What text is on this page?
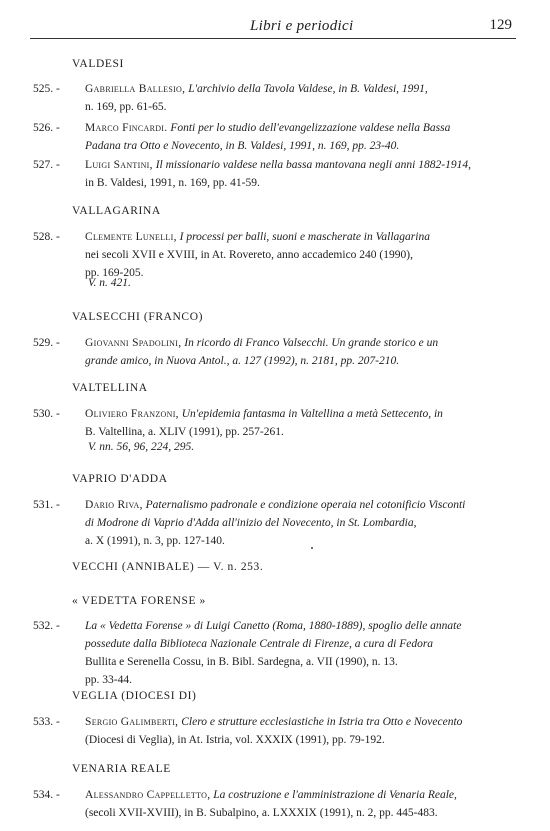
Libri e periodici	129
VALDESI
525. -	Gabriella Ballesio, L'archivio della Tavola Valdese, in B. Valdesi, 1991,
n. 169, pp. 61-65.
526. -	Marco Fincardi. Fonti per lo studio dell'evangelizzazione valdese nella Bassa
Padana tra Otto e Novecento, in B. Valdesi, 1991, n. 169, pp. 23-40.
527. -	Luigi Santini, Il missionario valdese nella bassa mantovana negli anni 1882-1914,
in B. Valdesi, 1991, n. 169, pp. 41-59.
VALLAGARINA
528. -	Clemente Lunelli, I processi per balli, suoni e mascherate in Vallagarina
nei secoli XVII e XVIII, in At. Rovereto, anno accademico 240 (1990),
pp. 169-205.
V. n. 421.
VALSECCHI (FRANCO)
529. -	Giovanni Spadolini, In ricordo di Franco Valsecchi. Un grande storico e un
grande amico, in Nuova Antol., a. 127 (1992), n. 2181, pp. 207-210.
VALTELLINA
530. -	Oliviero Franzoni, Un'epidemia fantasma in Valtellina a metà Settecento, in
B. Valtellina, a. XLIV (1991), pp. 257-261.
V. nn. 56, 96, 224, 295.
VAPRIO D'ADDA
531. -	Dario Riva, Paternalismo padronale e condizione operaia nel cotonificio Visconti
di Modrone di Vaprio d'Adda all'inizio del Novecento, in St. Lombardia,
a. X (1991), n. 3, pp. 127-140.
VECCHI (ANNIBALE) — V. n. 253.
« VEDETTA FORENSE »
532. -	La « Vedetta Forense » di Luigi Canetto (Roma, 1880-1889), spoglio delle annate
possedute dalla Biblioteca Nazionale Centrale di Firenze, a cura di Fedora
Bullita e Serenella Cossu, in B. Bibl. Sardegna, a. VII (1990), n. 13.
pp. 33-44.
VEGLIA (DIOCESI DI)
533. -	Sergio Galimberti, Clero e strutture ecclesiastiche in Istria tra Otto e Novecento
(Diocesi di Veglia), in At. Istria, vol. XXXIX (1991), pp. 79-192.
VENARIA REALE
534. -	Alessandro Cappelletto, La costruzione e l'amministrazione di Venaria Reale,
(secoli XVII-XVIII), in B. Subalpino, a. LXXXIX (1991), n. 2, pp. 445-483.
